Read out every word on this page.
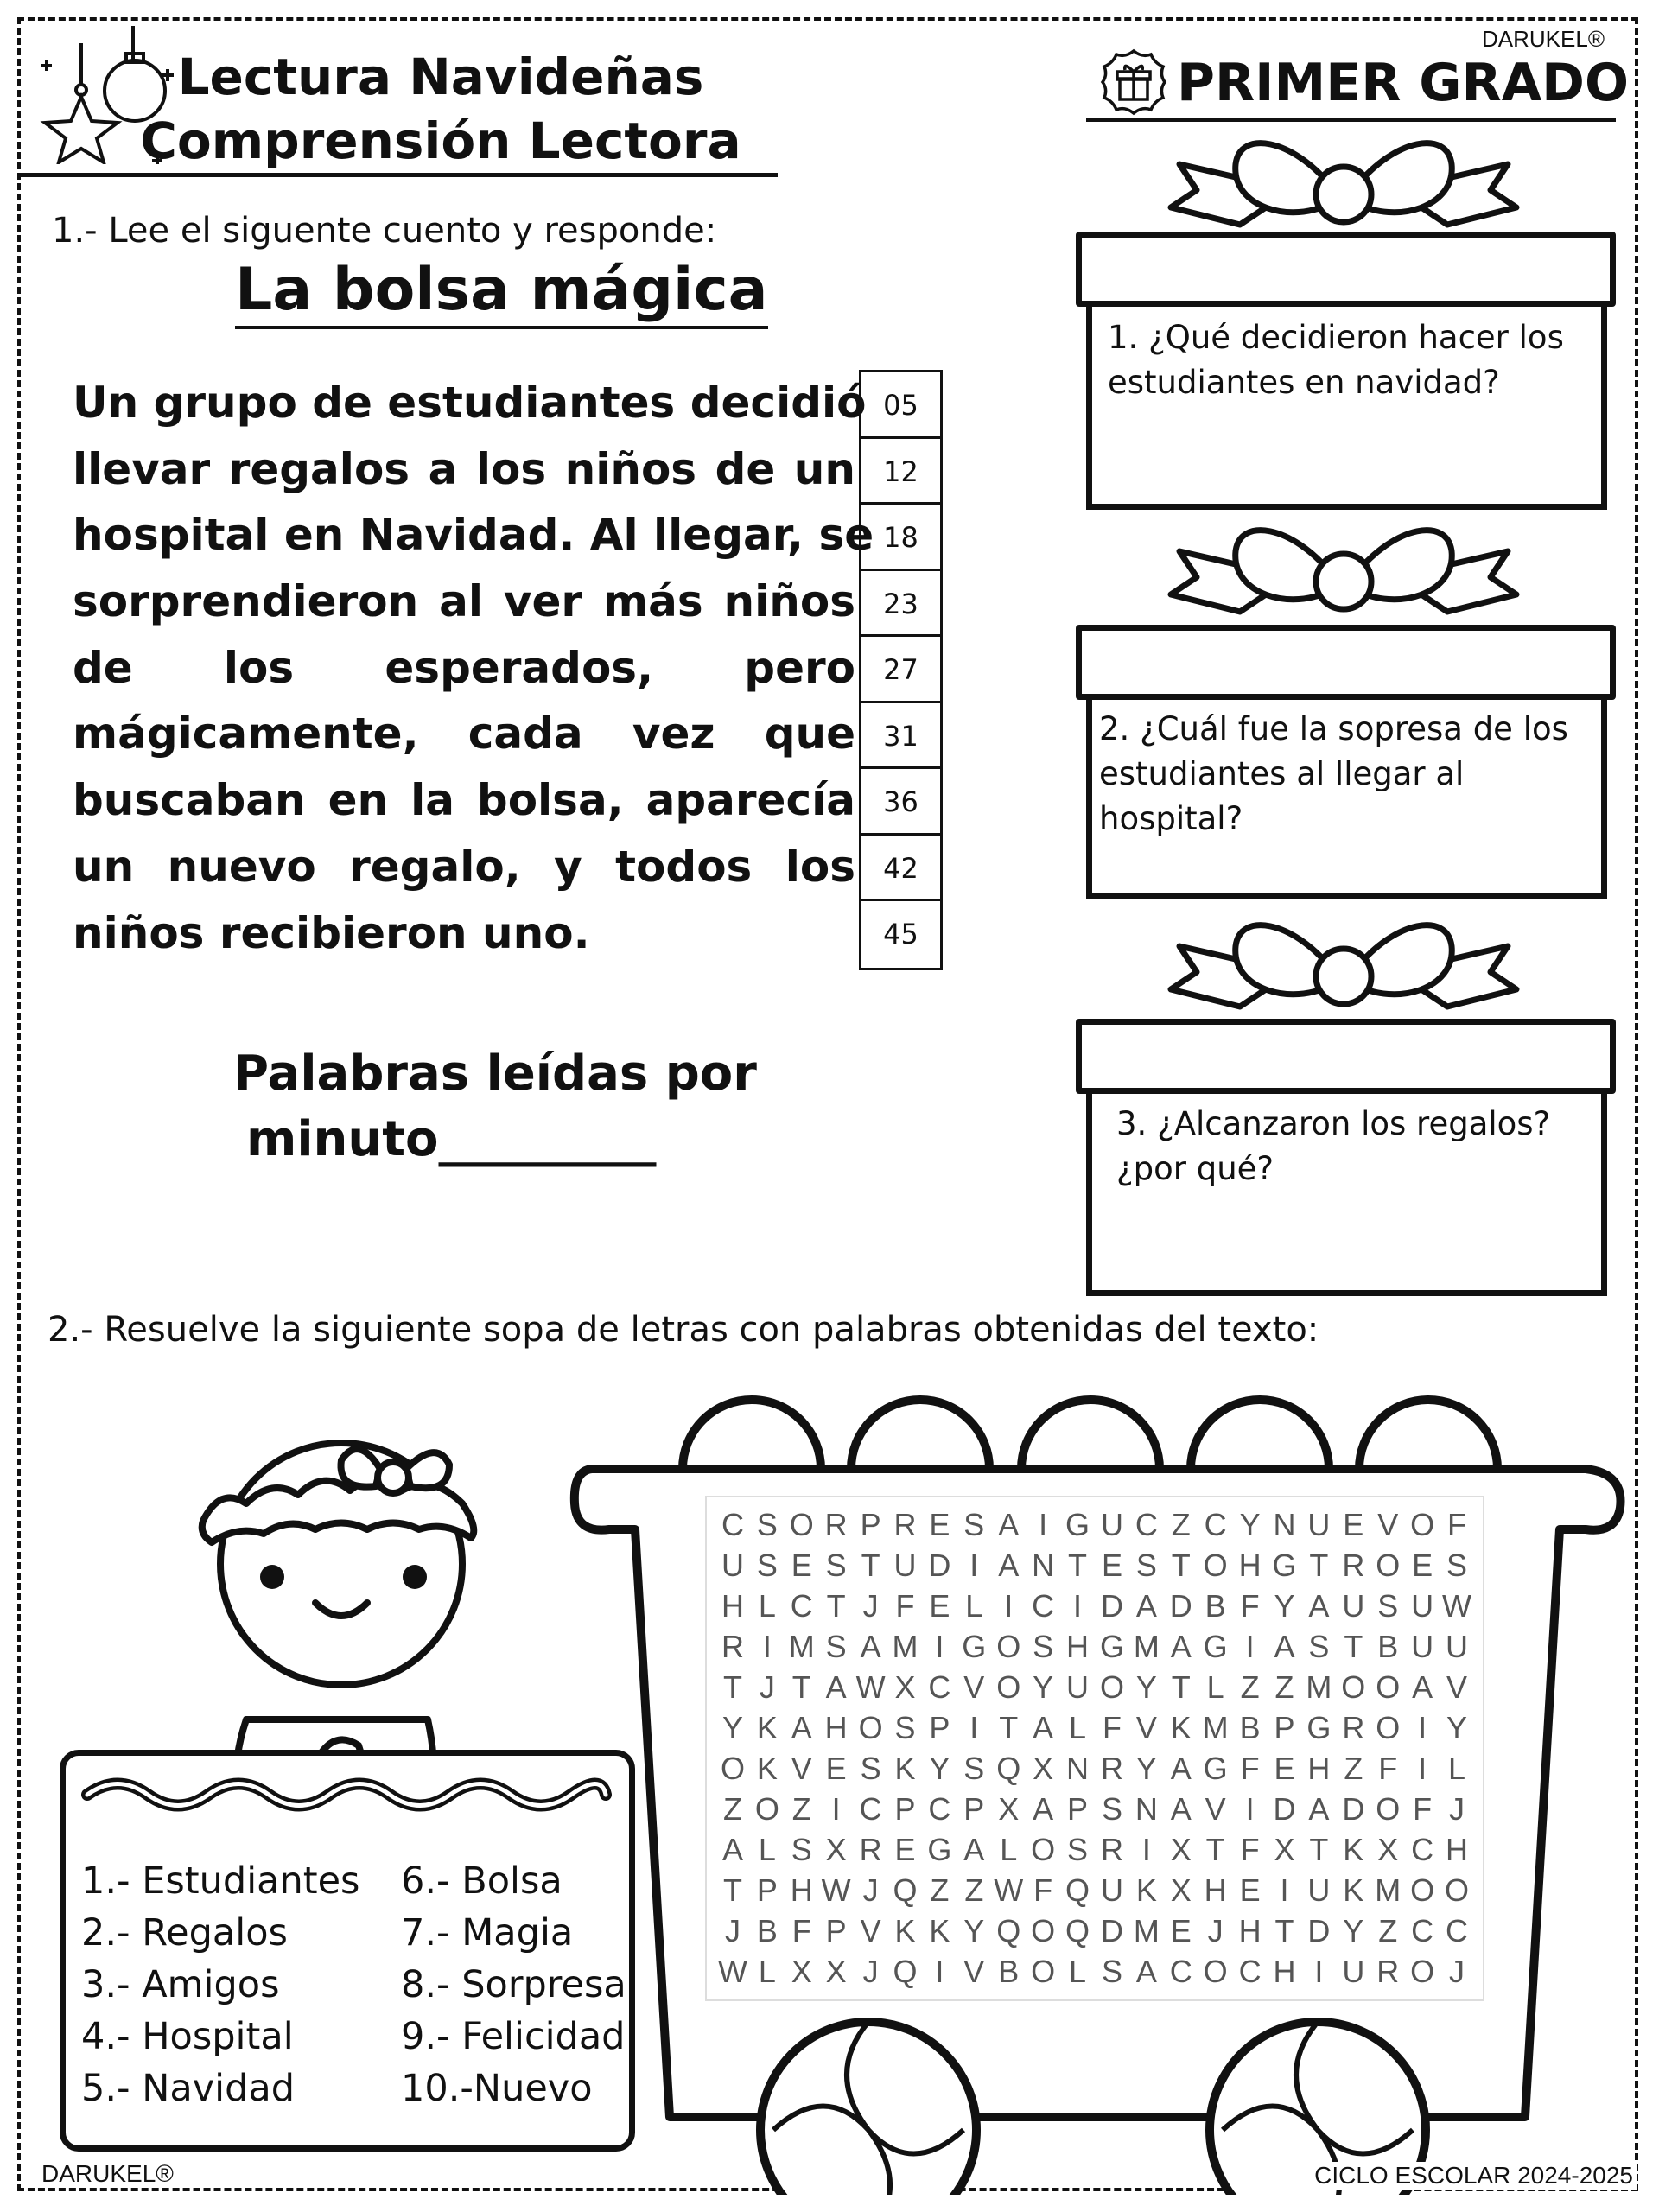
Lectura Navideñas
Comprensión Lectora
DARUKEL®
PRIMER GRADO
1.- Lee el siguente cuento y responde:
La bolsa mágica
Un grupo de estudiantes decidió
llevar regalos a los niños de un
hospital en Navidad. Al llegar, se
sorprendieron al ver más niños
de los esperados, pero
mágicamente, cada vez que
buscaban en la bolsa, aparecía
un nuevo regalo, y todos los
niños recibieron uno.
05
12
18
23
27
31
36
42
45
Palabras leídas por
minuto_________
1. ¿Qué decidieron hacer los
estudiantes en navidad?
2. ¿Cuál fue la sopresa de los
estudiantes al llegar al hospital?
3. ¿Alcanzaron los regalos?
¿por qué?
2.- Resuelve la siguiente sopa de letras con palabras obtenidas del texto:
C S O R P R E S A I G U C Z C Y N U E V O F
U S E S T U D I A N T E S T O H G T R O E S
H L C T J F E L I C I D A D B F Y A U S U W
R I M S A M I G O S H G M A G I A S T B U U
T J T A W X C V O Y U O Y T L Z Z M O O A V
Y K A H O S P I T A L F V K M B P G R O I Y
O K V E S K Y S Q X N R Y A G F E H Z F I L
Z O Z I C P C P X A P S N A V I D A D O F J
A L S X R E G A L O S R I X T F X T K X C H
T P H W J Q Z Z W F Q U K X H E I U K M O O
J B F P V K K Y Q O Q D M E J H T D Y Z C C
W L X X J Q I V B O L S A C O C H I U R O J
1.- Estudiantes
2.- Regalos
3.- Amigos
4.- Hospital
5.- Navidad
6.- Bolsa
7.- Magia
8.- Sorpresa
9.- Felicidad
10.-Nuevo
DARUKEL®	CICLO ESCOLAR 2024-2025
